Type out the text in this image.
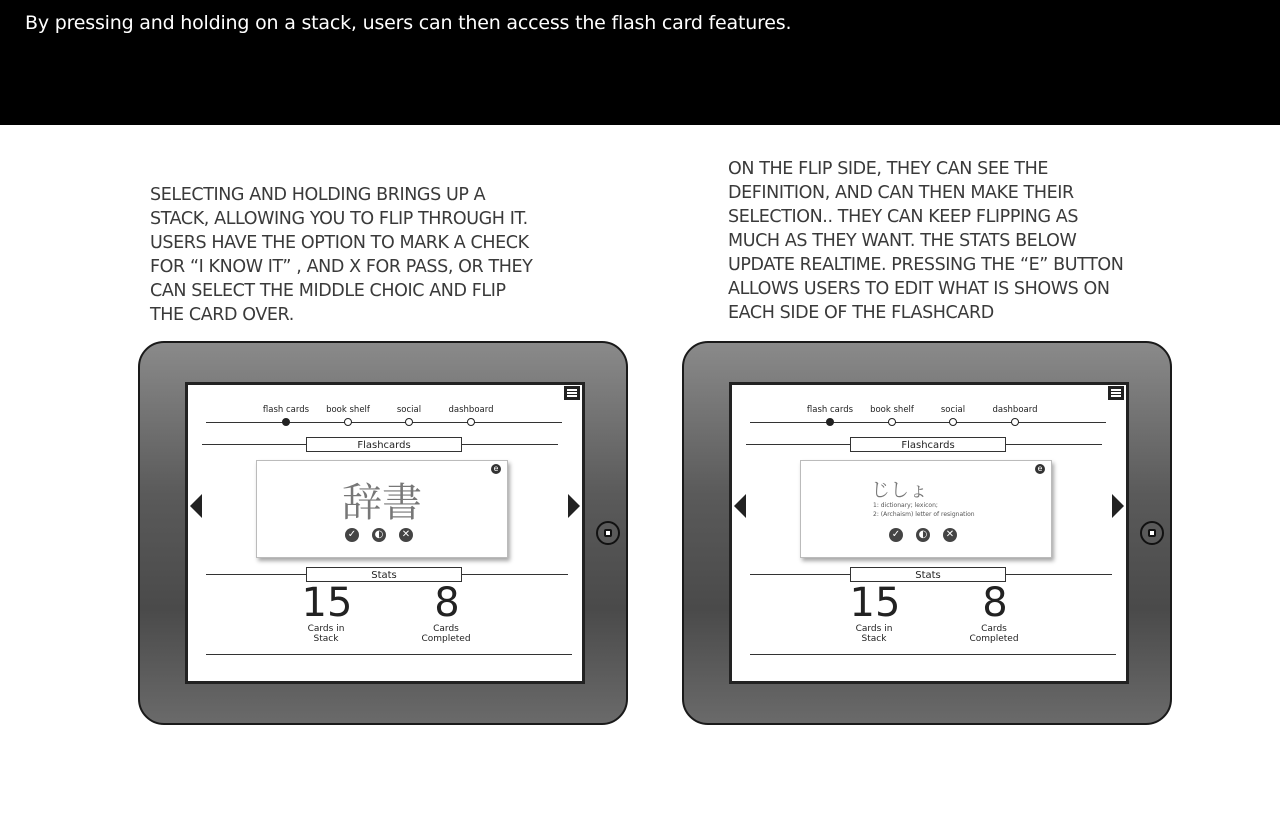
By pressing and holding on a stack, users can then access the flash card features.
SELECTING AND HOLDING BRINGS UP A
STACK, ALLOWING YOU TO FLIP THROUGH IT.
USERS HAVE THE OPTION TO MARK A CHECK
FOR “I KNOW IT” , AND X FOR PASS, OR THEY
CAN SELECT THE MIDDLE CHOIC AND FLIP
THE CARD OVER.
ON THE FLIP SIDE, THEY CAN SEE THE
DEFINITION, AND CAN THEN MAKE THEIR
SELECTION.. THEY CAN KEEP FLIPPING AS
MUCH AS THEY WANT. THE STATS BELOW
UPDATE REALTIME. PRESSING THE “E” BUTTON
ALLOWS USERS TO EDIT WHAT IS SHOWS ON
EACH SIDE OF THE FLASHCARD
flash cards book shelf	social	dashboard
Flashcards
e
辞書
✓ ◐ ✕
Stats
15
Cards in
Stack
8
Cards
Completed
flash cards book shelf	social	dashboard
Flashcards
e
じしょ
1: dictionary; lexicon;
2: (Archaism) letter of resignation
✓ ◐ ✕
Stats
15
Cards in
Stack
8
Cards
Completed
